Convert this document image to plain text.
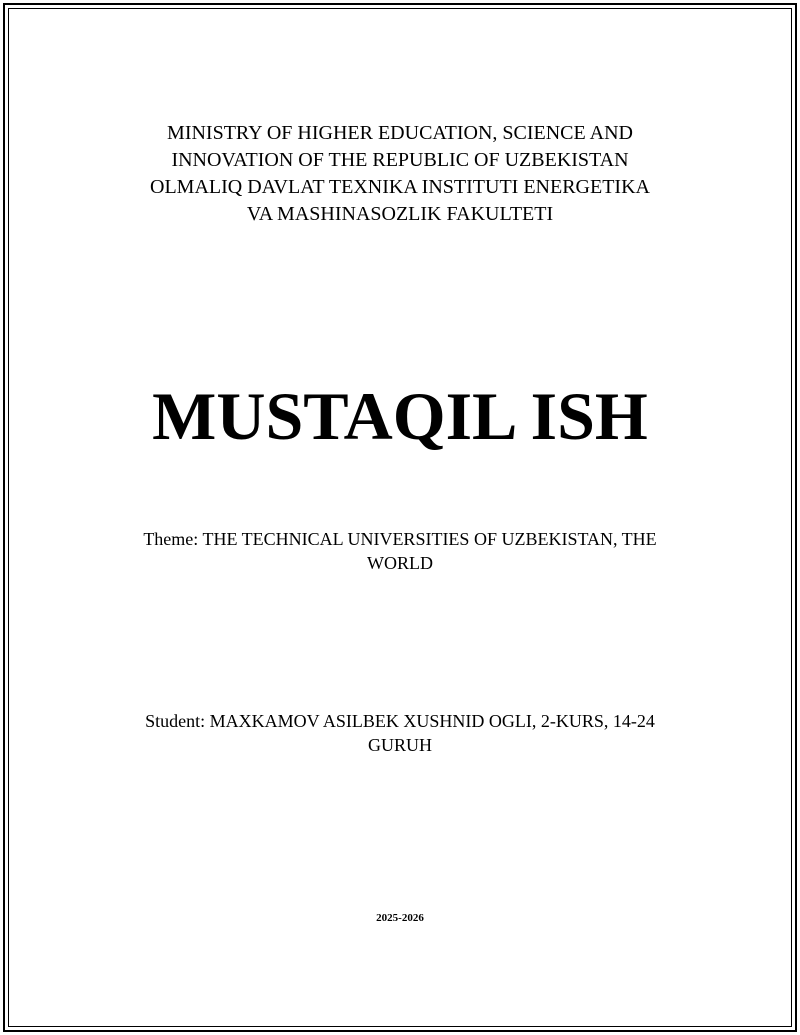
MINISTRY OF HIGHER EDUCATION, SCIENCE AND
INNOVATION OF THE REPUBLIC OF UZBEKISTAN
OLMALIQ DAVLAT TEXNIKA INSTITUTI ENERGETIKA
VA MASHINASOZLIK FAKULTETI
MUSTAQIL ISH
Theme: THE TECHNICAL UNIVERSITIES OF UZBEKISTAN, THE
WORLD
Student: MAXKAMOV ASILBEK XUSHNID OGLI, 2-KURS, 14-24
GURUH
2025-2026
